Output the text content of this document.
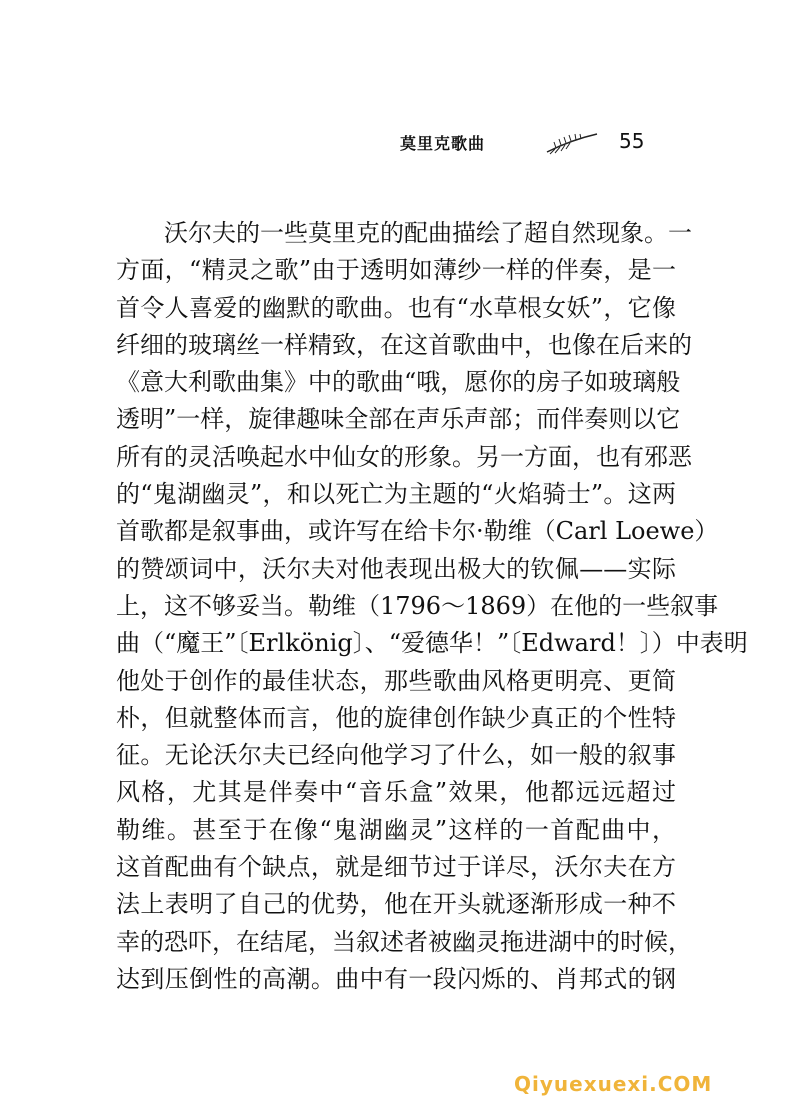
莫里克歌曲	55
沃尔夫的一些莫里克的配曲描绘了超自然现象。一
方面，“精灵之歌”由于透明如薄纱一样的伴奏，是一
首令人喜爱的幽默的歌曲。也有“水草根女妖”，它像
纤细的玻璃丝一样精致，在这首歌曲中，也像在后来的
《意大利歌曲集》中的歌曲“哦，愿你的房子如玻璃般
透明”一样，旋律趣味全部在声乐声部；而伴奏则以它
所有的灵活唤起水中仙女的形象。另一方面，也有邪恶
的“鬼湖幽灵”，和以死亡为主题的“火焰骑士”。这两
首歌都是叙事曲，或许写在给卡尔·勒维（Carl Loewe）
的赞颂词中，沃尔夫对他表现出极大的钦佩——实际
上，这不够妥当。勒维（1796～1869）在他的一些叙事
曲（“魔王”〔Erlkönig〕、“爱德华！”〔Edward！〕）中表明
他处于创作的最佳状态，那些歌曲风格更明亮、更简
朴，但就整体而言，他的旋律创作缺少真正的个性特
征。无论沃尔夫已经向他学习了什么，如一般的叙事
风格，尤其是伴奏中“音乐盒”效果，他都远远超过
勒维。甚至于在像“鬼湖幽灵”这样的一首配曲中，
这首配曲有个缺点，就是细节过于详尽，沃尔夫在方
法上表明了自己的优势，他在开头就逐渐形成一种不
幸的恐吓，在结尾，当叙述者被幽灵拖进湖中的时候，
达到压倒性的高潮。曲中有一段闪烁的、肖邦式的钢
Qiyuexuexi.COM
